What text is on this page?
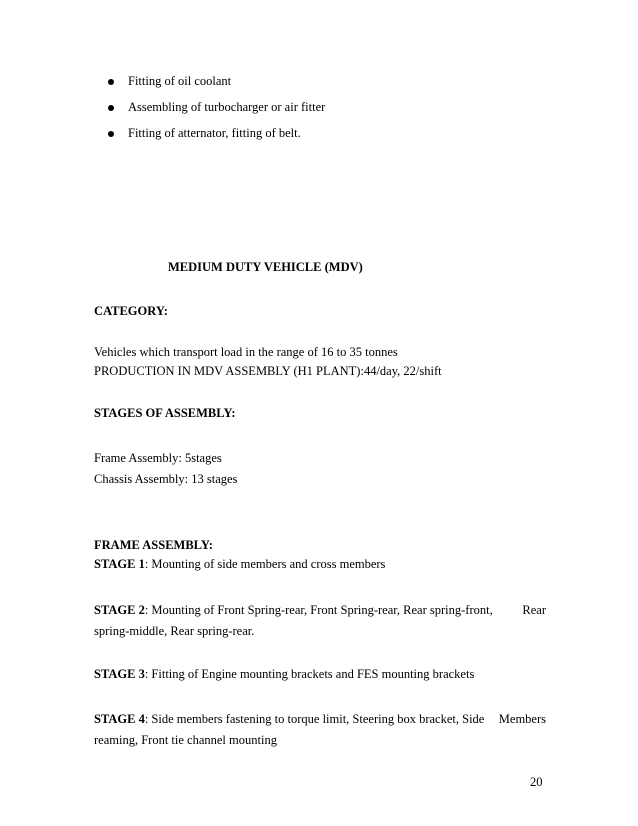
Fitting of oil coolant
Assembling of turbocharger or air fitter
Fitting of atternator, fitting of belt.
MEDIUM DUTY VEHICLE (MDV)
CATEGORY:
Vehicles which transport load in the range of 16 to 35 tonnes
PRODUCTION IN MDV ASSEMBLY (H1 PLANT):44/day, 22/shift
STAGES OF ASSEMBLY:
Frame Assembly: 5stages
Chassis Assembly: 13 stages
FRAME ASSEMBLY:
STAGE 1: Mounting of side members and cross members
STAGE 2: Mounting of Front Spring-rear, Front Spring-rear, Rear spring-front, Rear
spring-middle, Rear spring-rear.
STAGE 3: Fitting of Engine mounting brackets and FES mounting brackets
STAGE 4: Side members fastening to torque limit, Steering box bracket, Side Members
reaming, Front tie channel mounting
20
